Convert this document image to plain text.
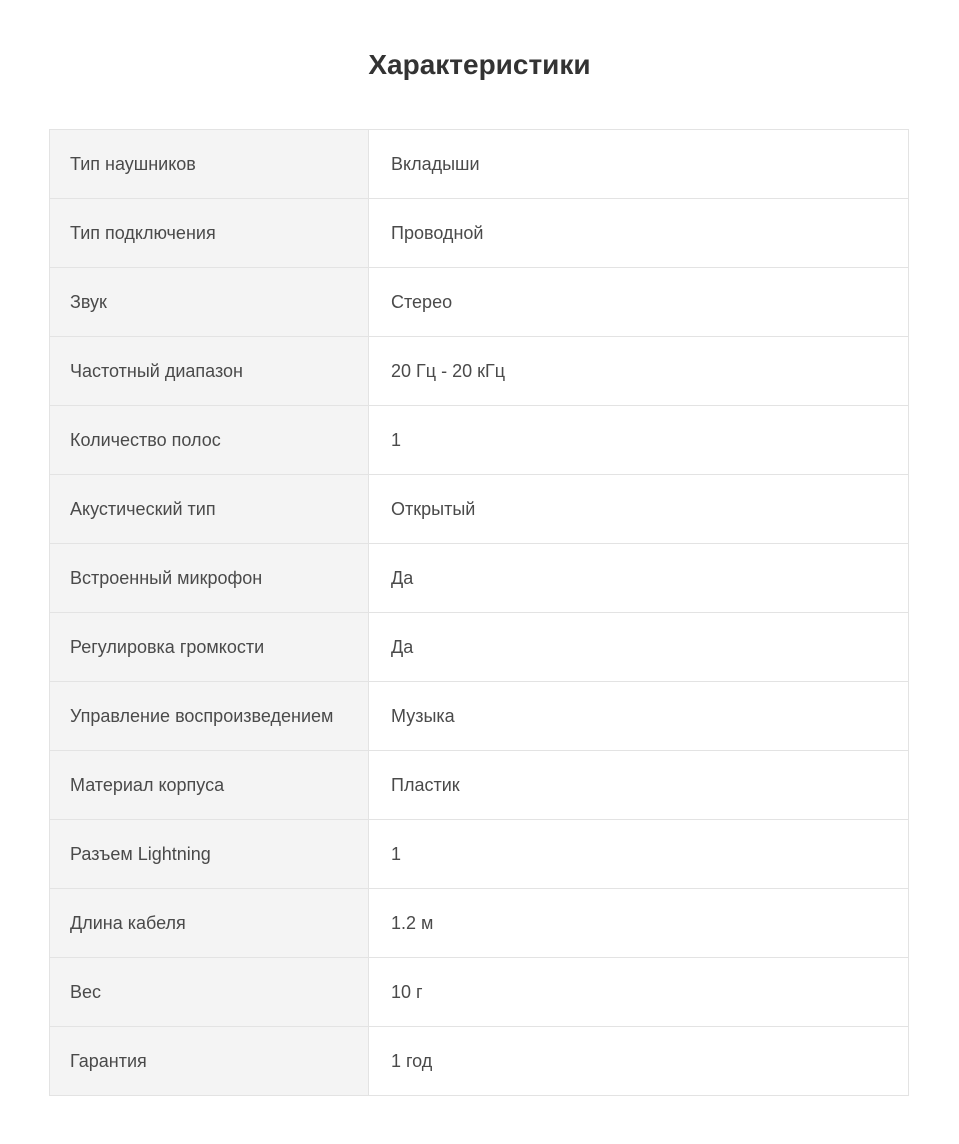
Характеристики
Тип наушников	Вкладыши
Тип подключения	Проводной
Звук	Стерео
Частотный диапазон	20 Гц - 20 кГц
Количество полос	1
Акустический тип	Открытый
Встроенный микрофон	Да
Регулировка громкости	Да
Управление воспроизведением	Музыка
Материал корпуса	Пластик
Разъем Lightning	1
Длина кабеля	1.2 м
Вес	10 г
Гарантия	1 год
